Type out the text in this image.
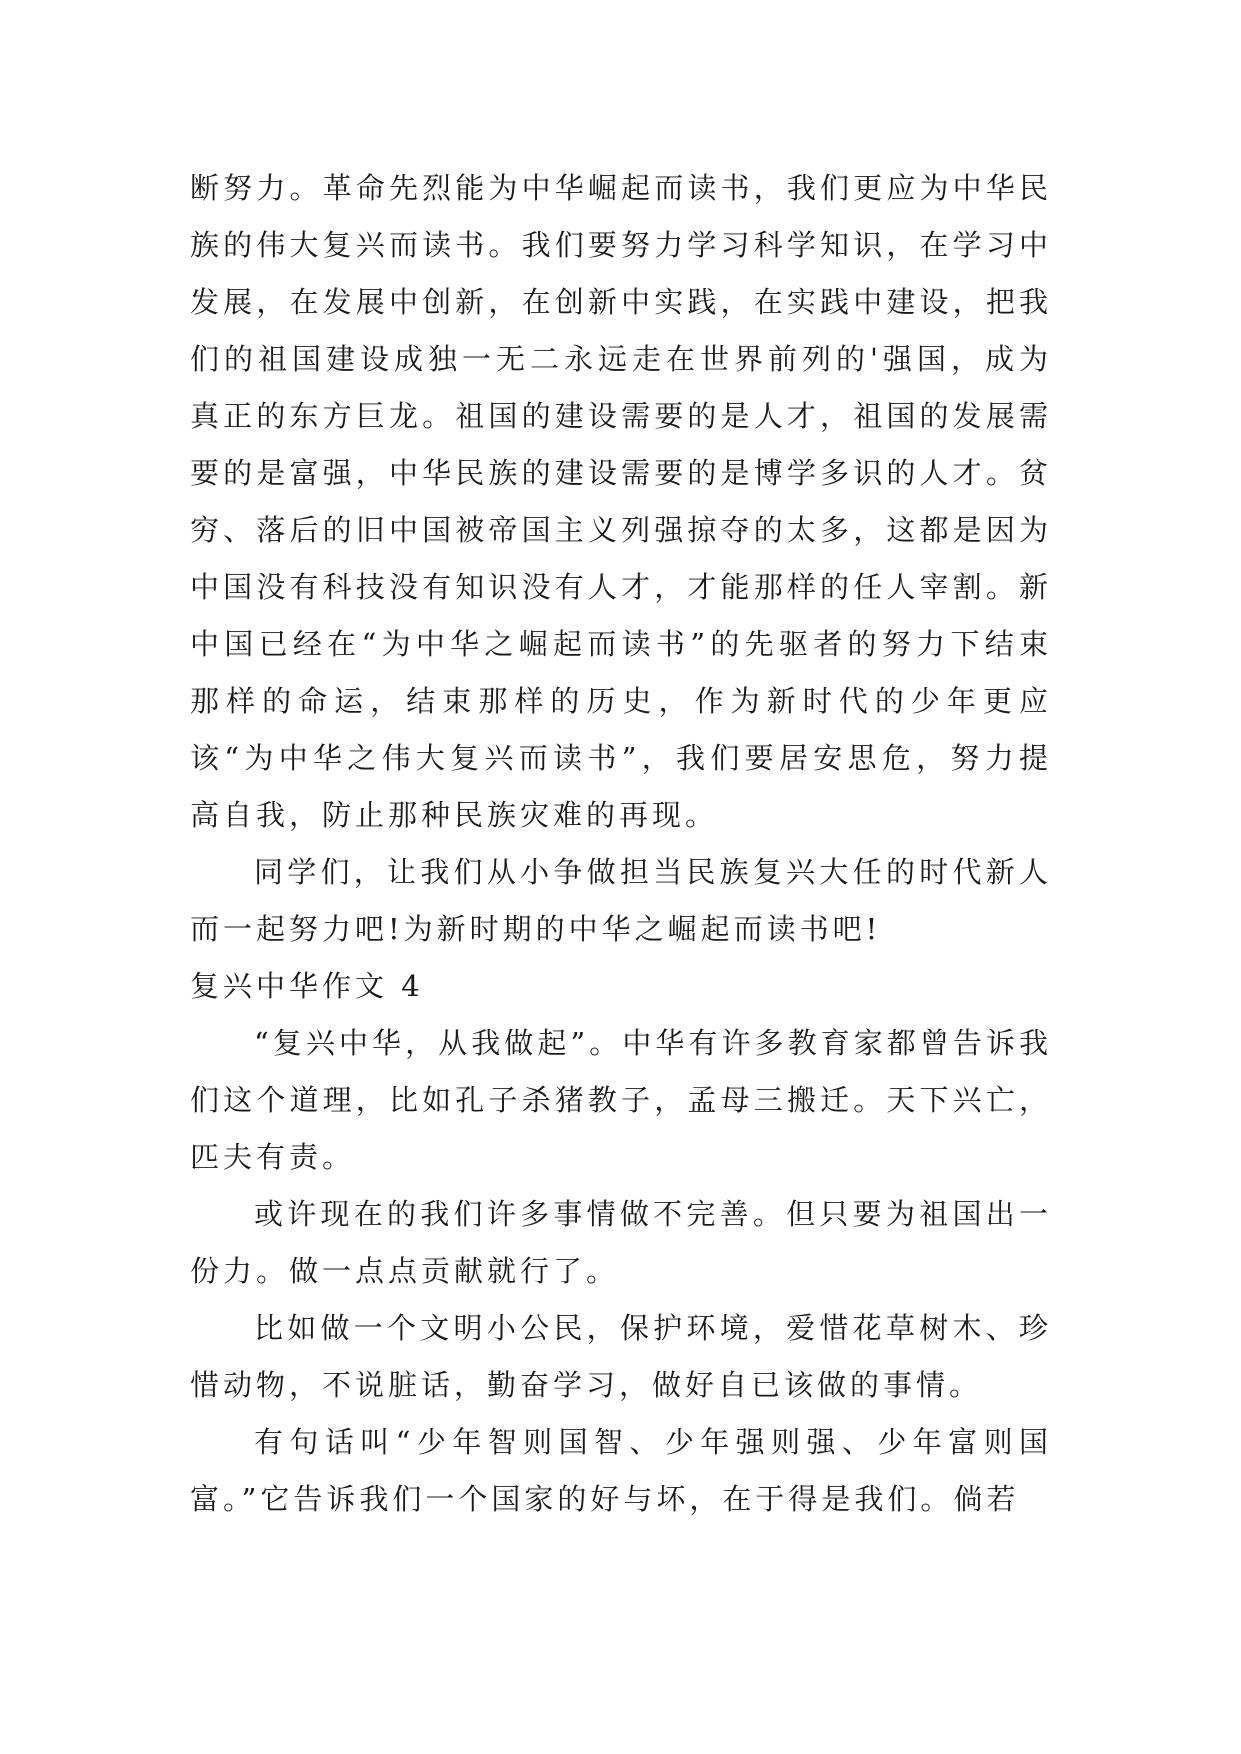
断努力。革命先烈能为中华崛起而读书，我们更应为中华民族的伟大复兴而读书。我们要努力学习科学知识，在学习中发展，在发展中创新，在创新中实践，在实践中建设，把我们的祖国建设成独一无二永远走在世界前列的'强国，成为真正的东方巨龙。祖国的建设需要的是人才，祖国的发展需要的是富强，中华民族的建设需要的是博学多识的人才。贫穷、落后的旧中国被帝国主义列强掠夺的太多，这都是因为中国没有科技没有知识没有人才，才能那样的任人宰割。新中国已经在“为中华之崛起而读书”的先驱者的努力下结束那样的命运，结束那样的历史，作为新时代的少年更应该“为中华之伟大复兴而读书”，我们要居安思危，努力提高自我，防止那种民族灾难的再现。

同学们，让我们从小争做担当民族复兴大任的时代新人而一起努力吧!为新时期的中华之崛起而读书吧!

复兴中华作文 4

“复兴中华，从我做起”。中华有许多教育家都曾告诉我们这个道理，比如孔子杀猪教子，孟母三搬迁。天下兴亡，匹夫有责。

或许现在的我们许多事情做不完善。但只要为祖国出一份力。做一点点贡献就行了。

比如做一个文明小公民，保护环境，爱惜花草树木、珍惜动物，不说脏话，勤奋学习，做好自已该做的事情。

有句话叫“少年智则国智、少年强则强、少年富则国富。”它告诉我们一个国家的好与坏，在于得是我们。倘若
